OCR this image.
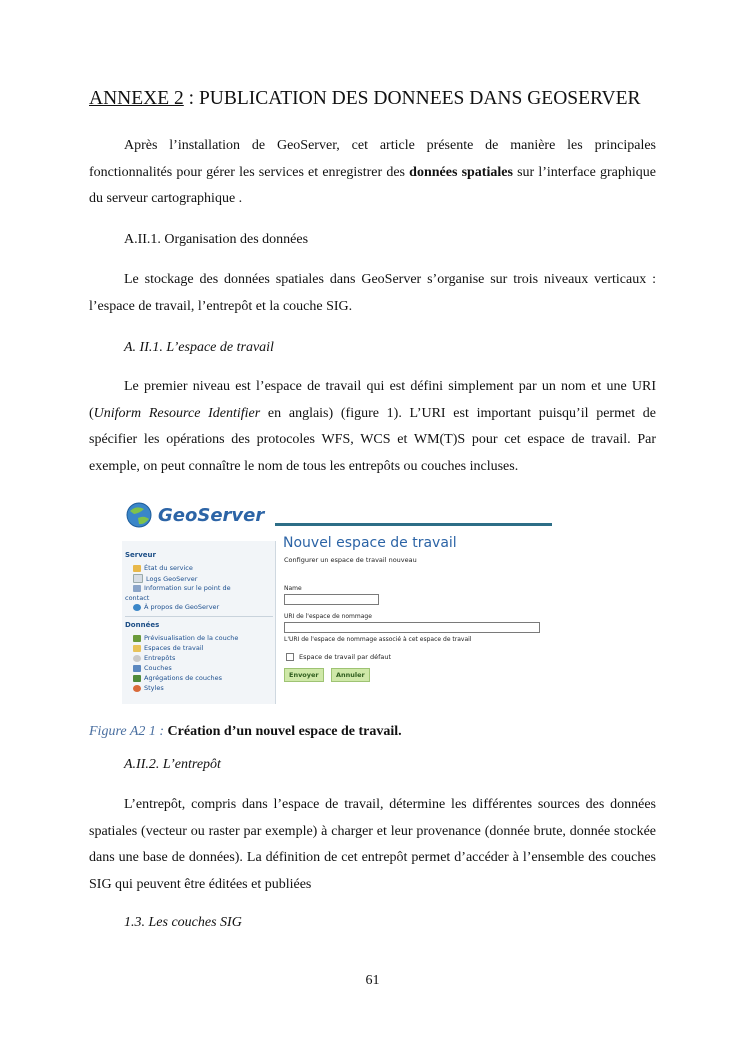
ANNEXE 2 : PUBLICATION DES DONNEES DANS GEOSERVER
Après l’installation de GeoServer, cet article présente de manière les principales fonctionnalités pour gérer les services et enregistrer des données spatiales sur l’interface graphique du serveur cartographique .
A.II.1. Organisation des données
Le stockage des données spatiales dans GeoServer s’organise sur trois niveaux verticaux : l’espace de travail, l’entrepôt et la couche SIG.
A. II.1. L’espace de travail
Le premier niveau est l’espace de travail qui est défini simplement par un nom et une URI (Uniform Resource Identifier en anglais) (figure 1). L’URI est important puisqu’il permet de spécifier les opérations des protocoles WFS, WCS et WM(T)S pour cet espace de travail. Par exemple, on peut connaître le nom de tous les entrepôts ou couches incluses.
GeoServer
Serveur
État du service
Logs GeoServer
Information sur le point de
contact
À propos de GeoServer
Données
Prévisualisation de la couche
Espaces de travail
Entrepôts
Couches
Agrégations de couches
Styles
Nouvel espace de travail
Configurer un espace de travail nouveau
Name
URI de l'espace de nommage
L'URI de l'espace de nommage associé à cet espace de travail
Espace de travail par défaut
Envoyer	Annuler
Figure A2 1 : Création d’un nouvel espace de travail.
A.II.2. L’entrepôt
L’entrepôt, compris dans l’espace de travail, détermine les différentes sources des données spatiales (vecteur ou raster par exemple) à charger et leur provenance (donnée brute, donnée stockée dans une base de données). La définition de cet entrepôt permet d’accéder à l’ensemble des couches SIG qui peuvent être éditées et publiées
1.3. Les couches SIG
61
